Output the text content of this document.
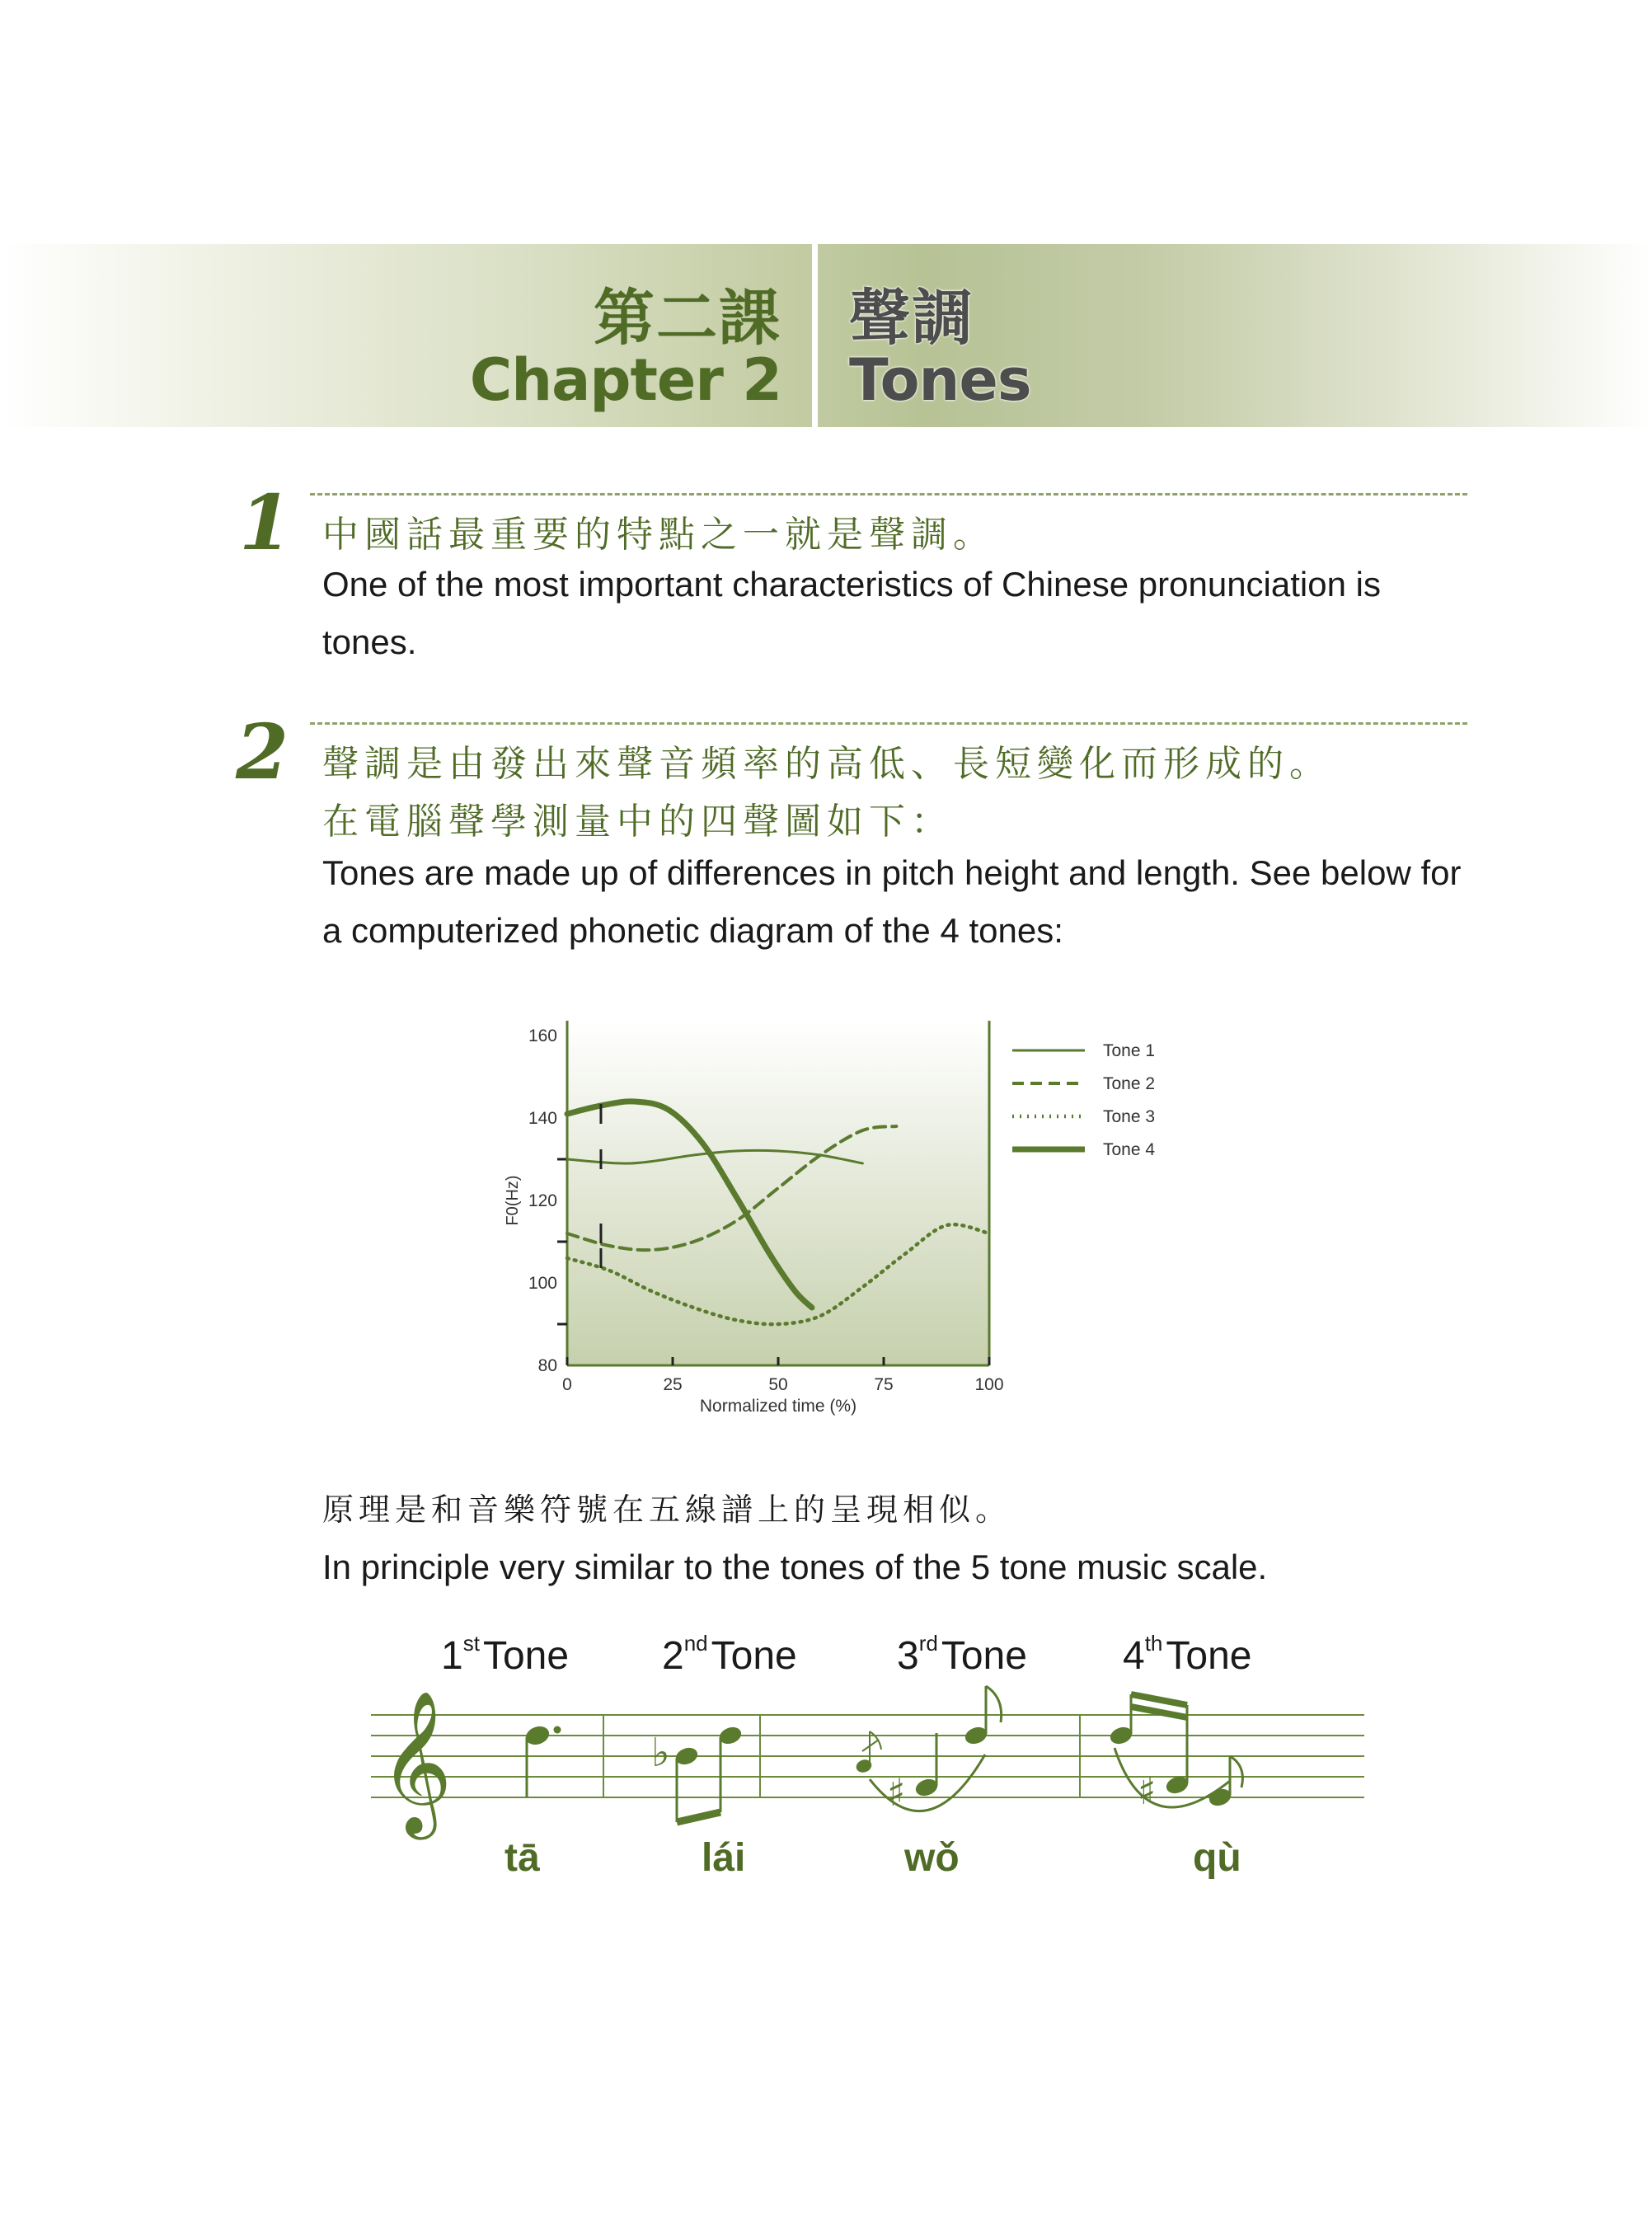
第二課
Chapter 2
聲調
Tones
1 中國話最重要的特點之一就是聲調。
One of the most important characteristics of Chinese pronunciation is tones.
2 聲調是由發出來聲音頻率的高低、長短變化而形成的。
在電腦聲學測量中的四聲圖如下：
Tones are made up of differences in pitch height and length. See below for a computerized phonetic diagram of the 4 tones:
80
100
120
140
160
0	25	50	75	100
Normalized time (%)
F0(Hz)
Tone 1
Tone 2
Tone 3
Tone 4
原理是和音樂符號在五線譜上的呈現相似。
In principle very similar to the tones of the 5 tone music scale.
1stTone 2ndTone	3rdTone 4thTone
𝄞	♭
♯	♯
tā	lái	wǒ	qù
